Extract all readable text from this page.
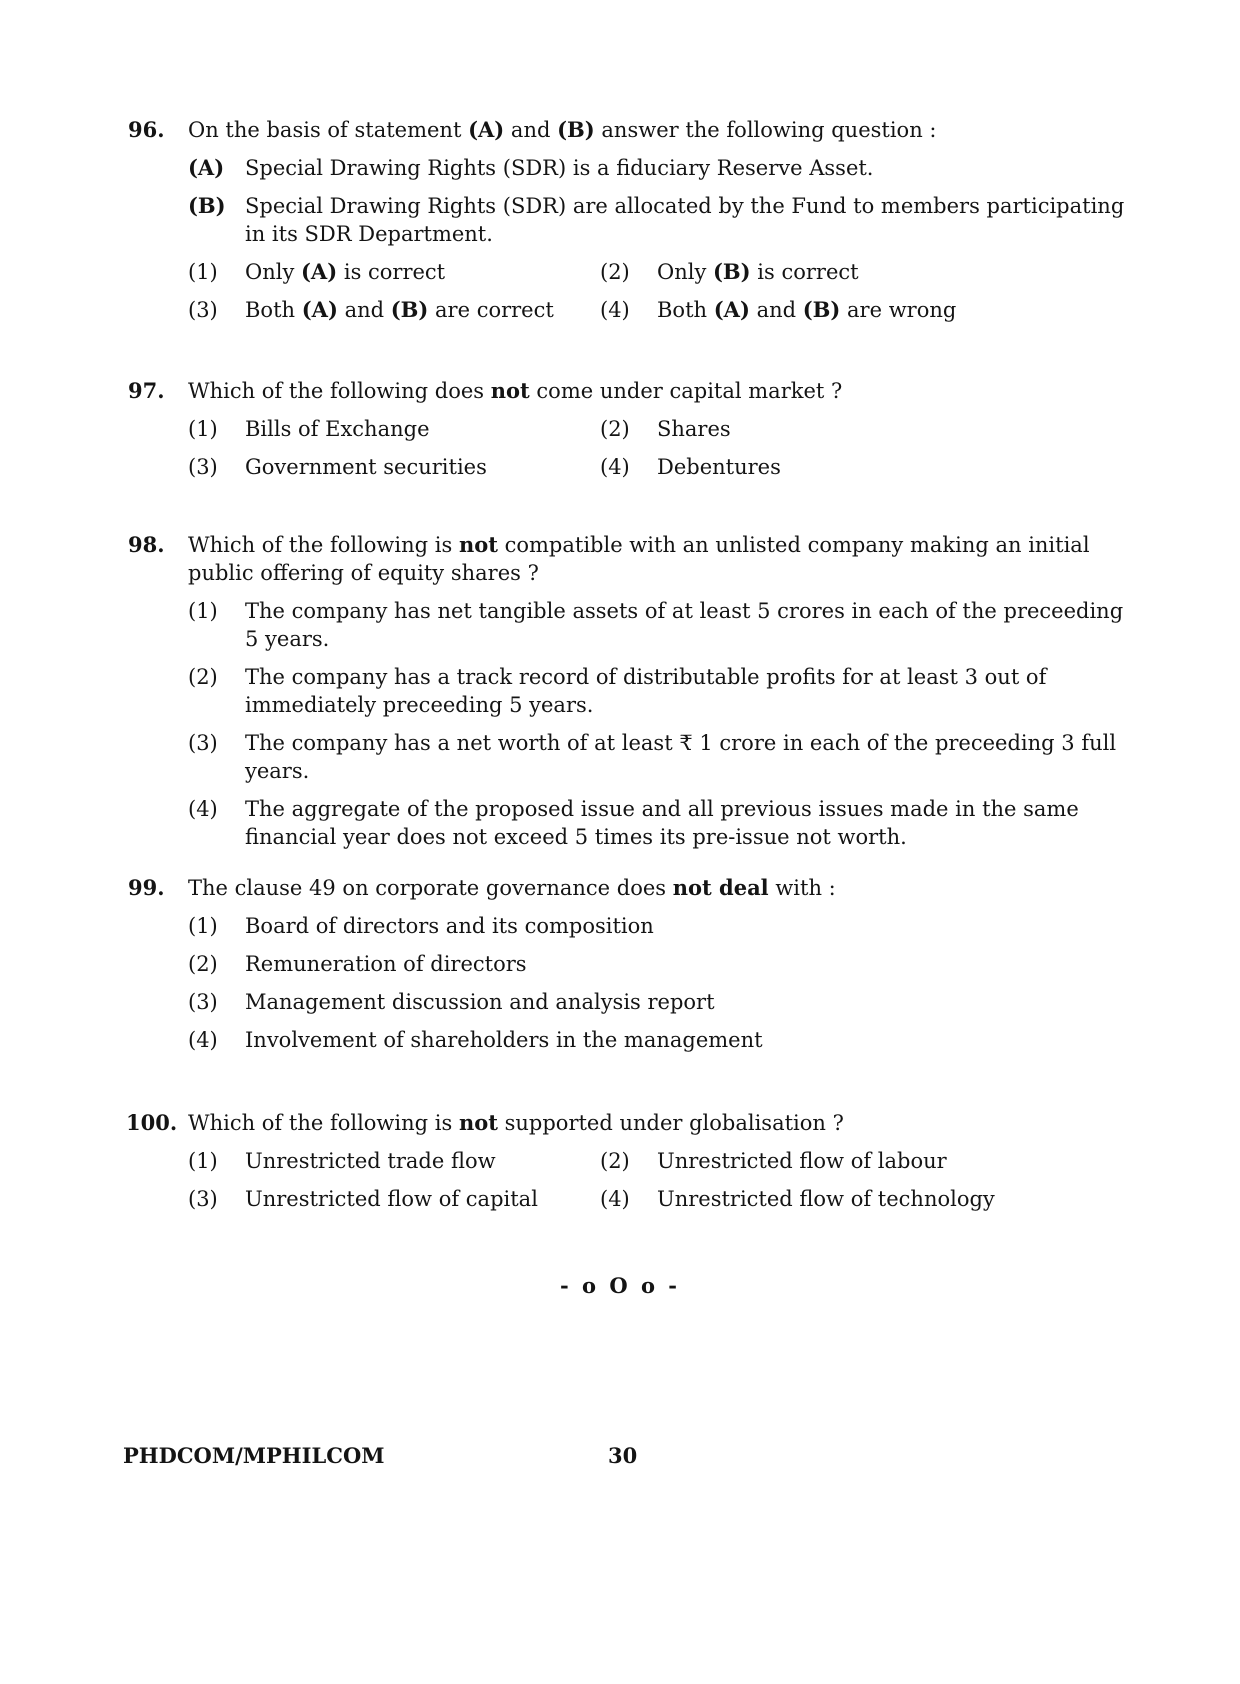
96. On the basis of statement (A) and (B) answer the following question :
(A) Special Drawing Rights (SDR) is a fiduciary Reserve Asset.
(B) Special Drawing Rights (SDR) are allocated by the Fund to members participating in its SDR Department.
(1) Only (A) is correct	(2) Only (B) is correct
(3) Both (A) and (B) are correct	(4) Both (A) and (B) are wrong
97. Which of the following does not come under capital market ?
(1) Bills of Exchange	(2) Shares
(3) Government securities	(4) Debentures
98. Which of the following is not compatible with an unlisted company making an initial public offering of equity shares ?
(1) The company has net tangible assets of at least 5 crores in each of the preceeding 5 years.
(2) The company has a track record of distributable profits for at least 3 out of immediately preceeding 5 years.
(3) The company has a net worth of at least ₹ 1 crore in each of the preceeding 3 full years.
(4) The aggregate of the proposed issue and all previous issues made in the same financial year does not exceed 5 times its pre-issue not worth.
99. The clause 49 on corporate governance does not deal with :
(1) Board of directors and its composition
(2) Remuneration of directors
(3) Management discussion and analysis report
(4) Involvement of shareholders in the management
100. Which of the following is not supported under globalisation ?
(1) Unrestricted trade flow	(2) Unrestricted flow of labour
(3) Unrestricted flow of capital	(4) Unrestricted flow of technology
- o O o -
PHDCOM/MPHILCOM	30
